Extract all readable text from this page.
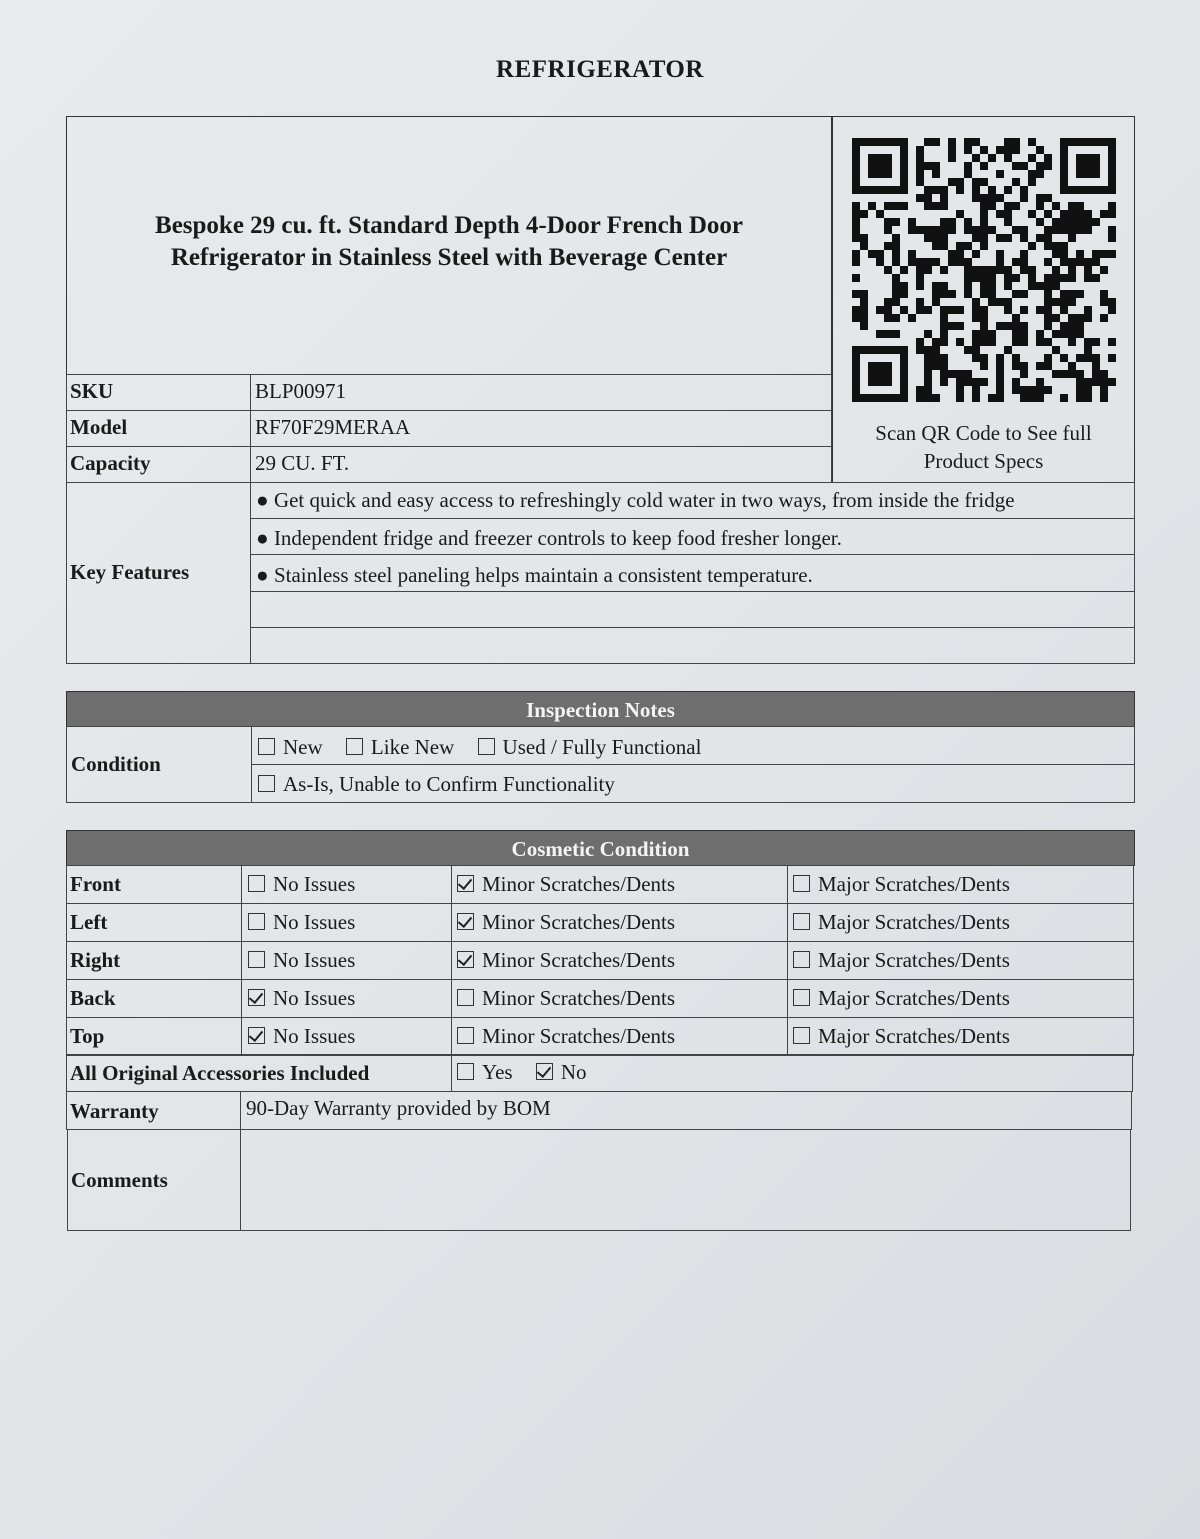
REFRIGERATOR
Bespoke 29 cu. ft. Standard Depth 4-Door French Door
Refrigerator in Stainless Steel with Beverage Center
Scan QR Code to See full
Product Specs
SKU	BLP00971
Model	RF70F29MERAA
Capacity	29 CU. FT.
Key Features
● Get quick and easy access to refreshingly cold water in two ways, from inside the fridge
● Independent fridge and freezer controls to keep food fresher longer.
● Stainless steel paneling helps maintain a consistent temperature.
Inspection Notes
Condition
New Like New Used / Fully Functional
As-Is, Unable to Confirm Functionality
Cosmetic Condition
Front	No Issues	Minor Scratches/Dents	Major Scratches/Dents
Left	No Issues	Minor Scratches/Dents	Major Scratches/Dents
Right	No Issues	Minor Scratches/Dents	Major Scratches/Dents
Back	No Issues	Minor Scratches/Dents	Major Scratches/Dents
Top	No Issues	Minor Scratches/Dents	Major Scratches/Dents
All Original Accessories Included	Yes No
Warranty	90-Day Warranty provided by BOM
Comments
